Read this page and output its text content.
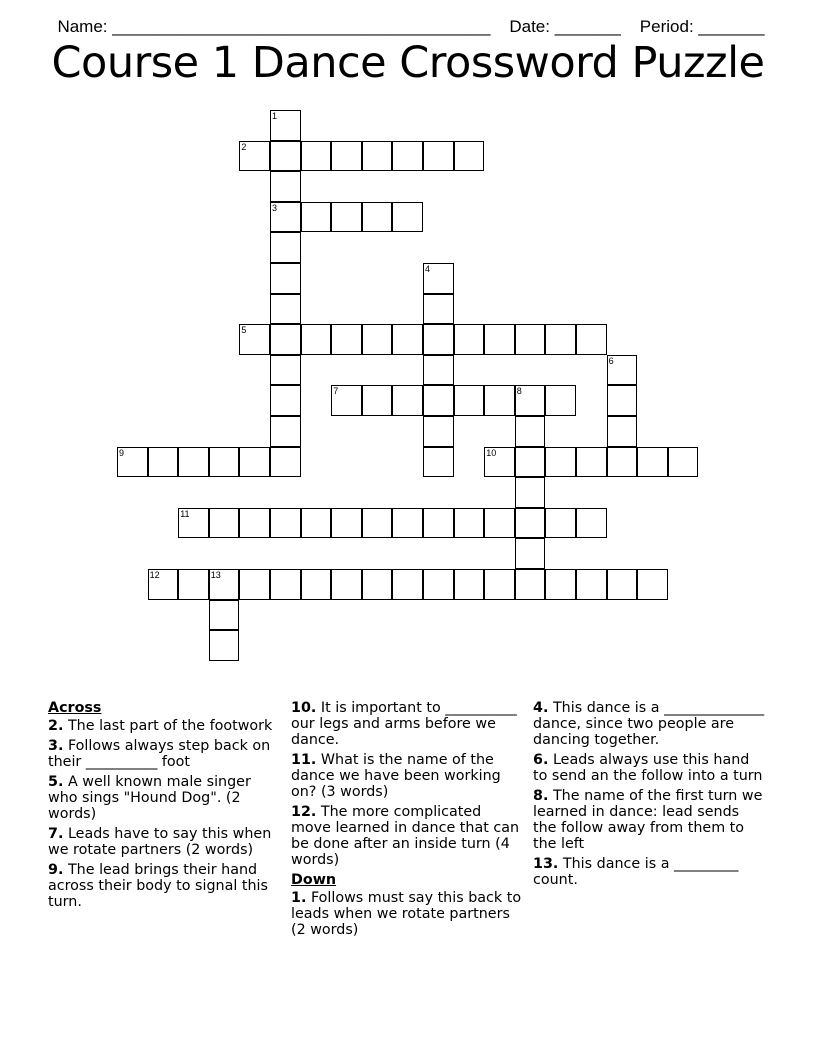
Name: ________________________________________ Date: _______ Period: _______

Course 1 Dance Crossword Puzzle
1
3
2
4
5
6
7	8
9	10
11
12	13
Across
2. The last part of the footwork
3. Follows always step back on their __________ foot
5. A well known male singer who sings "Hound Dog". (2 words)
7. Leads have to say this when we rotate partners (2 words)
9. The lead brings their hand across their body to signal this turn.
10. It is important to __________ our legs and arms before we dance.
11. What is the name of the dance we have been working on? (3 words)
12. The more complicated move learned in dance that can be done after an inside turn (4 words)
Down
1. Follows must say this back to leads when we rotate partners (2 words)
4. This dance is a ______________ dance, since two people are dancing together.
6. Leads always use this hand to send an the follow into a turn
8. The name of the first turn we learned in dance: lead sends the follow away from them to the left
13. This dance is a _________ count.
